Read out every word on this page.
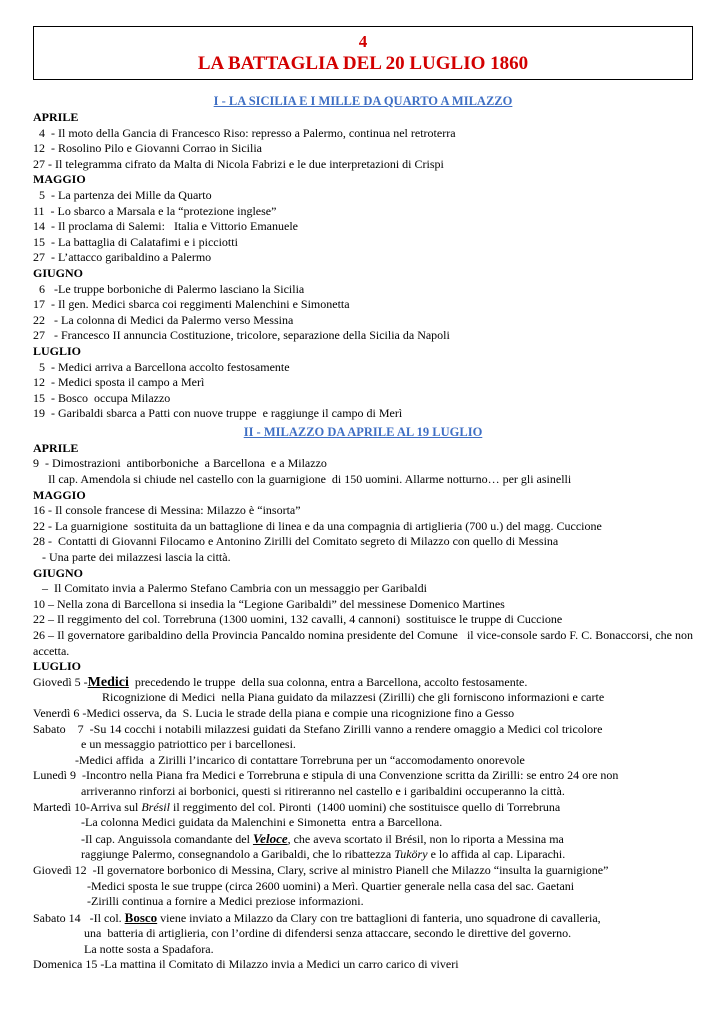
4
LA BATTAGLIA DEL 20 LUGLIO 1860
I - LA SICILIA E I MILLE DA QUARTO A MILAZZO
APRILE
4  - Il moto della Gancia di Francesco Riso: represso a Palermo, continua nel retroterra
12  - Rosolino Pilo e Giovanni Corrao in Sicilia
27 - Il telegramma cifrato da Malta di Nicola Fabrizi e le due interpretazioni di Crispi
MAGGIO
5  - La partenza dei Mille da Quarto
11  - Lo sbarco a Marsala e la “protezione inglese”
14  - Il proclama di Salemi:   Italia e Vittorio Emanuele
15  - La battaglia di Calatafimi e i picciotti
27  - L’attacco garibaldino a Palermo
GIUGNO
6   -Le truppe borboniche di Palermo lasciano la Sicilia
17  - Il gen. Medici sbarca coi reggimenti Malenchini e Simonetta
22   - La colonna di Medici da Palermo verso Messina
27   - Francesco II annuncia Costituzione, tricolore, separazione della Sicilia da Napoli
LUGLIO
5  - Medici arriva a Barcellona accolto festosamente
12  - Medici sposta il campo a Merì
15  - Bosco  occupa Milazzo
19  - Garibaldi sbarca a Patti con nuove truppe  e raggiunge il campo di Merì
II - MILAZZO DA APRILE AL 19 LUGLIO
APRILE
9  - Dimostrazioni  antiborboniche  a Barcellona  e a Milazzo
Il cap. Amendola si chiude nel castello con la guarnigione  di 150 uomini. Allarme notturno… per gli asinelli
MAGGIO
16 - Il console francese di Messina: Milazzo è “insorta”
22 - La guarnigione  sostituita da un battaglione di linea e da una compagnia di artiglieria (700 u.) del magg. Cuccione
28 -  Contatti di Giovanni Filocamo e Antonino Zirilli del Comitato segreto di Milazzo con quello di Messina
- Una parte dei milazzesi lascia la città.
GIUGNO
–  Il Comitato invia a Palermo Stefano Cambria con un messaggio per Garibaldi
10 – Nella zona di Barcellona si insedia la “Legione Garibaldi” del messinese Domenico Martines
22 – Il reggimento del col. Torrebruna (1300 uomini, 132 cavalli, 4 cannoni)  sostituisce le truppe di Cuccione
26 – Il governatore garibaldino della Provincia Pancaldo nomina presidente del Comune   il vice-console sardo F. C. Bonaccorsi, che non accetta.
LUGLIO
Giovedì 5 -Medici  precedendo le truppe  della sua colonna, entra a Barcellona, accolto festosamente.
Ricognizione di Medici  nella Piana guidato da milazzesi (Zirilli) che gli forniscono informazioni e carte
Venerdì 6 -Medici osserva, da  S. Lucia le strade della piana e compie una ricognizione fino a Gesso
Sabato    7  -Su 14 cocchi i notabili milazzesi guidati da Stefano Zirilli vanno a rendere omaggio a Medici col tricolore
e un messaggio patriottico per i barcellonesi.
-Medici affida  a Zirilli l’incarico di contattare Torrebruna per un “accomodamento onorevole
Lunedì 9  -Incontro nella Piana fra Medici e Torrebruna e stipula di una Convenzione scritta da Zirilli: se entro 24 ore non
arriveranno rinforzi ai borbonici, questi si ritireranno nel castello e i garibaldini occuperanno la città.
Martedì 10-Arriva sul Brésil il reggimento del col. Pironti  (1400 uomini) che sostituisce quello di Torrebruna
-La colonna Medici guidata da Malenchini e Simonetta  entra a Barcellona.
-Il cap. Anguissola comandante del Veloce, che aveva scortato il Brésil, non lo riporta a Messina ma
raggiunge Palermo, consegnandolo a Garibaldi, che lo ribattezza Tuköry e lo affida al cap. Liparachi.
Giovedì 12  -Il governatore borbonico di Messina, Clary, scrive al ministro Pianell che Milazzo “insulta la guarnigione”
-Medici sposta le sue truppe (circa 2600 uomini) a Merì. Quartier generale nella casa del sac. Gaetani
-Zirilli continua a fornire a Medici preziose informazioni.
Sabato 14   -Il col. Bosco viene inviato a Milazzo da Clary con tre battaglioni di fanteria, uno squadrone di cavalleria,
una  batteria di artiglieria, con l’ordine di difendersi senza attaccare, secondo le direttive del governo.
La notte sosta a Spadafora.
Domenica 15 -La mattina il Comitato di Milazzo invia a Medici un carro carico di viveri
